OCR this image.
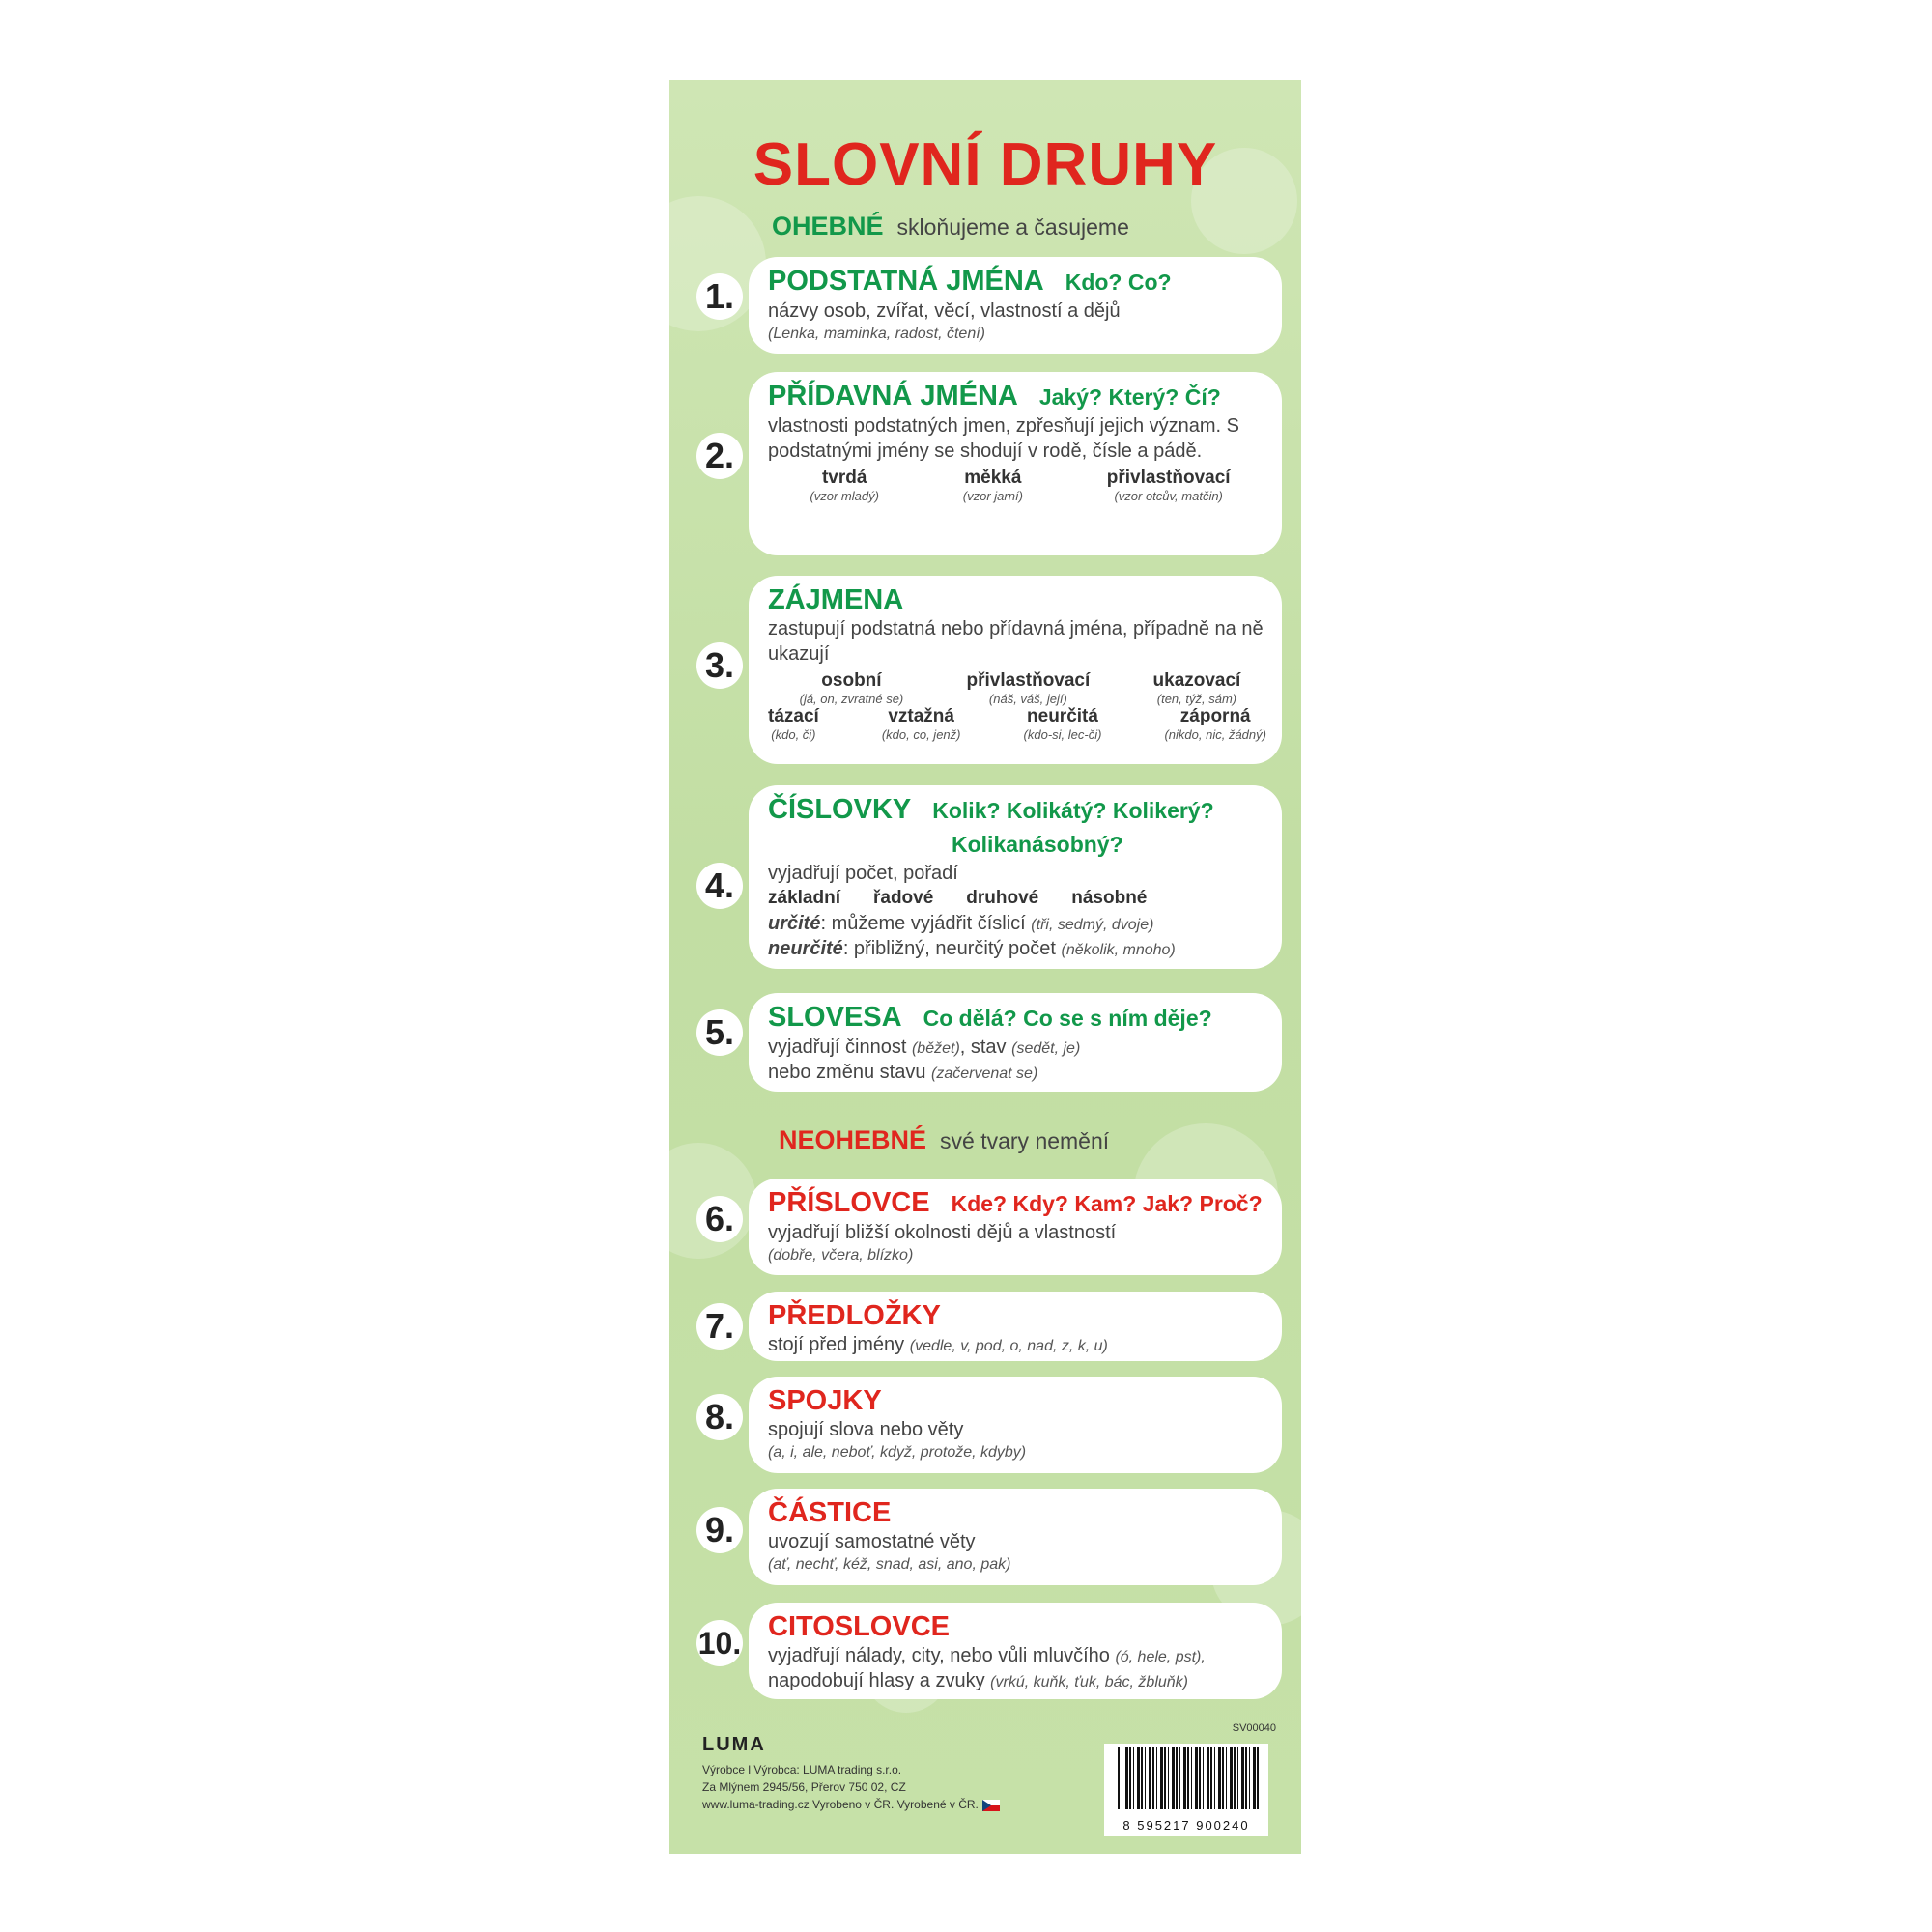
SLOVNÍ DRUHY
OHEBNÉ skloňujeme a časujeme
1.	PODSTATNÁ JMÉNA Kdo? Co?
názvy osob, zvířat, věcí, vlastností a dějů
(Lenka, maminka, radost, čtení)
2.
PŘÍDAVNÁ JMÉNA Jaký? Který? Čí?
vlastnosti podstatných jmen, zpřesňují jejich význam. S podstatnými jmény se shodují v rodě, čísle a pádě.
tvrdá
(vzor mladý)
měkká
(vzor jarní)
přivlastňovací
(vzor otcův, matčin)
3.
ZÁJMENA
zastupují podstatná nebo přídavná jména, případně na ně ukazují
osobní
(já, on, zvratné se)
přivlastňovací
(náš, váš, její)
ukazovací
(ten, týž, sám)
tázací
(kdo, či)
vztažná
(kdo, co, jenž)
neurčitá
(kdo-si, lec-či)
záporná
(nikdo, nic, žádný)
4.
ČÍSLOVKY Kolik? Kolikátý? Kolikerý?
Kolikanásobný?
vyjadřují počet, pořadí
základní řadové druhové násobné
určité: můžeme vyjádřit číslicí (tři, sedmý, dvoje)
neurčité: přibližný, neurčitý počet (několik, mnoho)
5.	SLOVESA Co dělá? Co se s ním děje?
vyjadřují činnost (běžet), stav (sedět, je)
nebo změnu stavu (začervenat se)
NEOHEBNÉ své tvary nemění
6.	PŘÍSLOVCE Kde? Kdy? Kam? Jak? Proč?
vyjadřují bližší okolnosti dějů a vlastností
(dobře, včera, blízko)
7.	PŘEDLOŽKY
stojí před jmény (vedle, v, pod, o, nad, z, k, u)
8.	SPOJKY
spojují slova nebo věty
(a, i, ale, neboť, když, protože, kdyby)
9.	ČÁSTICE
uvozují samostatné věty
(ať, nechť, kéž, snad, asi, ano, pak)
10. CITOSLOVCE
vyjadřují nálady, city, nebo vůli mluvčího (ó, hele, pst),
napodobují hlasy a zvuky (vrkú, kuňk, ťuk, bác, žbluňk)
SV00040
LUMA
Výrobce l Výrobca: LUMA trading s.r.o.
Za Mlýnem 2945/56, Přerov 750 02, CZ
www.luma-trading.cz Vyrobeno v ČR. Vyrobené v ČR.
8 595217 900240
